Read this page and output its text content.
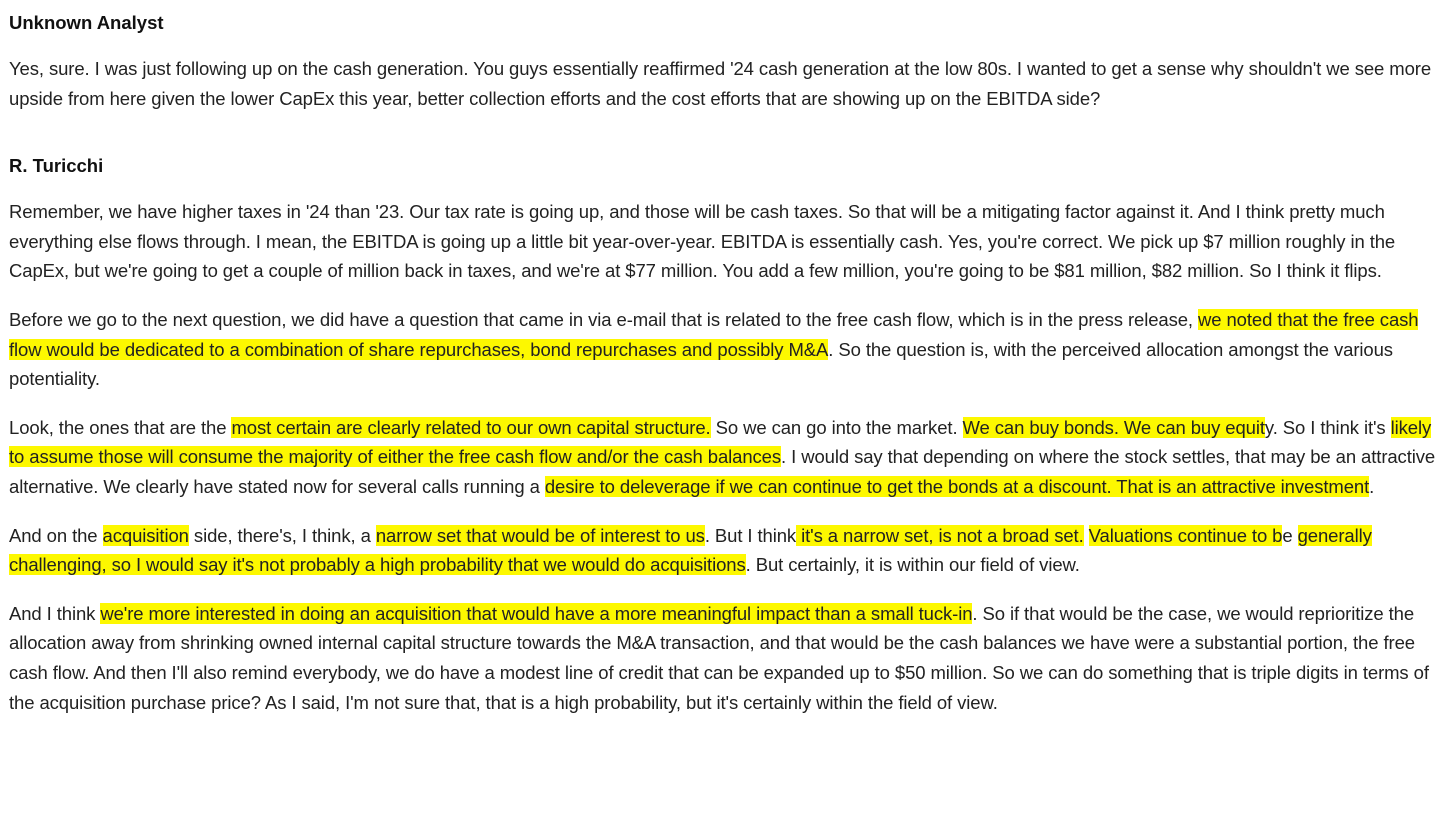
Unknown Analyst

Yes, sure. I was just following up on the cash generation. You guys essentially reaffirmed '24 cash generation at the low 80s. I wanted to get a sense why shouldn't we see more upside from here given the lower CapEx this year, better collection efforts and the cost efforts that are showing up on the EBITDA side?

R. Turicchi

Remember, we have higher taxes in '24 than '23. Our tax rate is going up, and those will be cash taxes. So that will be a mitigating factor against it. And I think pretty much everything else flows through. I mean, the EBITDA is going up a little bit year-over-year. EBITDA is essentially cash. Yes, you're correct. We pick up $7 million roughly in the CapEx, but we're going to get a couple of million back in taxes, and we're at $77 million. You add a few million, you're going to be $81 million, $82 million. So I think it flips.

Before we go to the next question, we did have a question that came in via e-mail that is related to the free cash flow, which is in the press release, we noted that the free cash flow would be dedicated to a combination of share repurchases, bond repurchases and possibly M&A. So the question is, with the perceived allocation amongst the various potentiality.

Look, the ones that are the most certain are clearly related to our own capital structure. So we can go into the market. We can buy bonds. We can buy equity. So I think it's likely to assume those will consume the majority of either the free cash flow and/or the cash balances. I would say that depending on where the stock settles, that may be an attractive alternative. We clearly have stated now for several calls running a desire to deleverage if we can continue to get the bonds at a discount. That is an attractive investment.

And on the acquisition side, there's, I think, a narrow set that would be of interest to us. But I think it's a narrow set, is not a broad set. Valuations continue to be generally challenging, so I would say it's not probably a high probability that we would do acquisitions. But certainly, it is within our field of view.

And I think we're more interested in doing an acquisition that would have a more meaningful impact than a small tuck-in. So if that would be the case, we would reprioritize the allocation away from shrinking owned internal capital structure towards the M&A transaction, and that would be the cash balances we have were a substantial portion, the free cash flow. And then I'll also remind everybody, we do have a modest line of credit that can be expanded up to $50 million. So we can do something that is triple digits in terms of the acquisition purchase price? As I said, I'm not sure that, that is a high probability, but it's certainly within the field of view.
